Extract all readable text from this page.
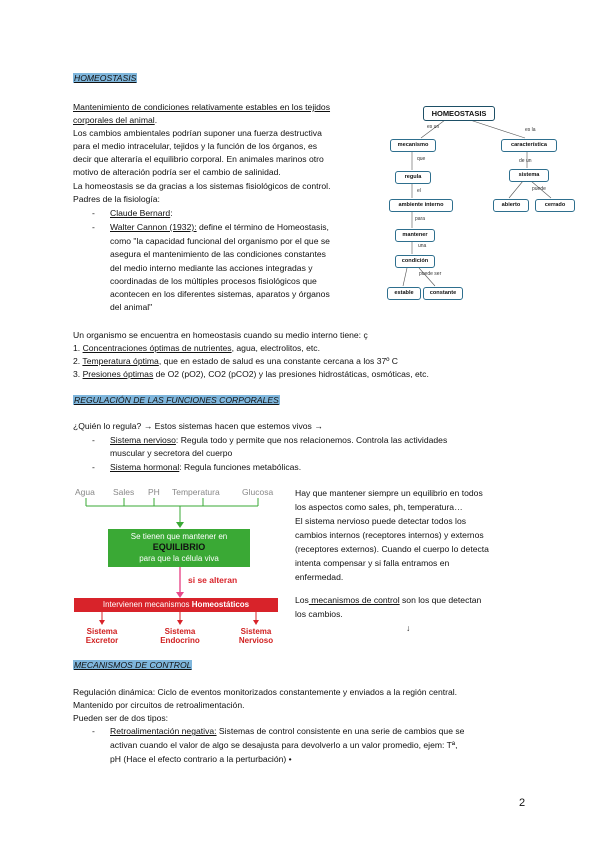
HOMEOSTASIS
Mantenimiento de condiciones relativamente estables en los tejidos
corporales del animal.
Los cambios ambientales podrían suponer una fuerza destructiva
para el medio intracelular, tejidos y la función de los órganos, es
decir que alteraría el equilibrio corporal. En animales marinos otro
motivo de alteración podría ser el cambio de salinidad.
La homeostasis se da gracias a los sistemas fisiológicos de control.
Padres de la fisiología:
- Claude Bernard:
- Walter Cannon (1932): define el término de Homeostasis,
como "la capacidad funcional del organismo por el que se
asegura el mantenimiento de las condiciones constantes
del medio interno mediante las acciones integradas y
coordinadas de los múltiples procesos fisiológicos que
acontecen en los diferentes sistemas, aparatos y órganos
del animal"
HOMEOSTASIS
es un	es la
mecanismo	característica
que	de un
regula	sistema
el	puede
ambiente interno	abierto	cerrado
para
mantener
una
condición
puede ser
estable	constante
Un organismo se encuentra en homeostasis cuando su medio interno tiene: ç
1. Concentraciones óptimas de nutrientes, agua, electrolitos, etc.
2. Temperatura óptima, que en estado de salud es una constante cercana a los 37º C
3. Presiones óptimas de O2 (pO2), CO2 (pCO2) y las presiones hidrostáticas, osmóticas, etc.
REGULACIÓN DE LAS FUNCIONES CORPORALES
¿Quién lo regula? → Estos sistemas hacen que estemos vivos →
- Sistema nervioso: Regula todo y permite que nos relacionemos. Controla las actividades
muscular y secretora del cuerpo
- Sistema hormonal: Regula funciones metabólicas.
Agua Sales PH Temperatura	Glucosa
Se tienen que mantener en
EQUILIBRIO
para que la célula viva
si se alteran
Intervienen mecanismos Homeostáticos
Sistema
Excretor
Sistema
Endocrino
Sistema
Nervioso
Hay que mantener siempre un equilibrio en todos
los aspectos como sales, ph, temperatura…
El sistema nervioso puede detectar todos los
cambios internos (receptores internos) y externos
(receptores externos). Cuando el cuerpo lo detecta
intenta compensar y si falla entramos en
enfermedad.
Los mecanismos de control son los que detectan
los cambios.
↓
MECANISMOS DE CONTROL
Regulación dinámica: Ciclo de eventos monitorizados constantemente y enviados a la región central.
Mantenido por circuitos de retroalimentación.
Pueden ser de dos tipos:
- Retroalimentación negativa: Sistemas de control consistente en una serie de cambios que se
activan cuando el valor de algo se desajusta para devolverlo a un valor promedio, ejem: Tª,
pH (Hace el efecto contrario a la perturbación) •
2
